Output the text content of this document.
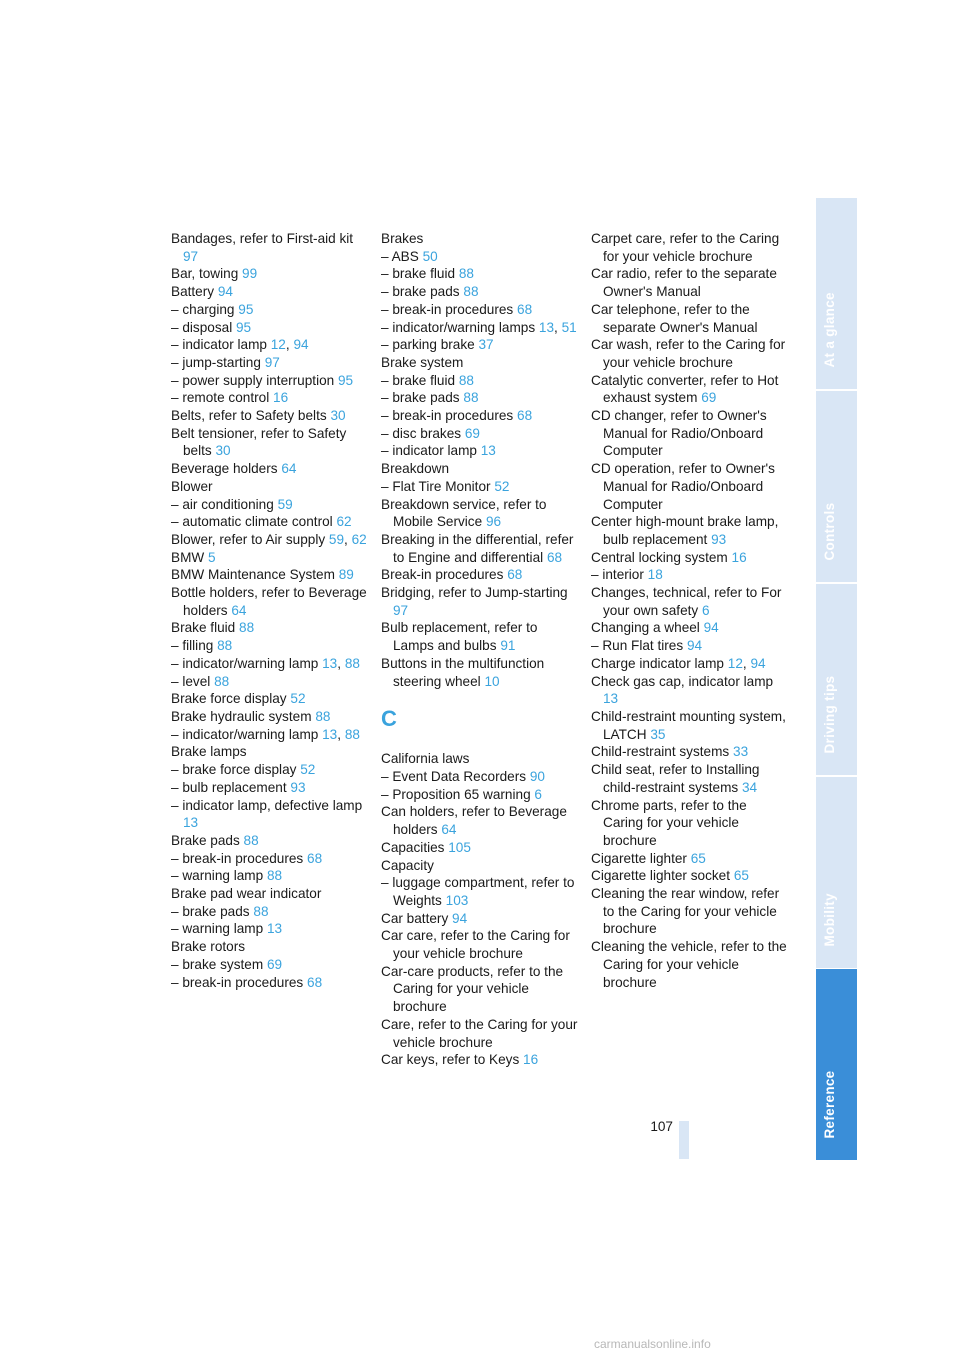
Bandages, refer to First-aid kit 97
Bar, towing 99
Battery 94
– charging 95
– disposal 95
– indicator lamp 12, 94
– jump-starting 97
– power supply interruption 95
– remote control 16
Belts, refer to Safety belts 30
Belt tensioner, refer to Safety belts 30
Beverage holders 64
Blower
– air conditioning 59
– automatic climate control 62
Blower, refer to Air supply 59, 62
BMW 5
BMW Maintenance System 89
Bottle holders, refer to Beverage holders 64
Brake fluid 88
– filling 88
– indicator/warning lamp 13, 88
– level 88
Brake force display 52
Brake hydraulic system 88
– indicator/warning lamp 13, 88
Brake lamps
– brake force display 52
– bulb replacement 93
– indicator lamp, defective lamp 13
Brake pads 88
– break-in procedures 68
– warning lamp 88
Brake pad wear indicator
– brake pads 88
– warning lamp 13
Brake rotors
– brake system 69
– break-in procedures 68
Brakes
– ABS 50
– brake fluid 88
– brake pads 88
– break-in procedures 68
– indicator/warning lamps 13, 51
– parking brake 37
Brake system
– brake fluid 88
– brake pads 88
– break-in procedures 68
– disc brakes 69
– indicator lamp 13
Breakdown
– Flat Tire Monitor 52
Breakdown service, refer to Mobile Service 96
Breaking in the differential, refer to Engine and differential 68
Break-in procedures 68
Bridging, refer to Jump-starting 97
Bulb replacement, refer to Lamps and bulbs 91
Buttons in the multifunction steering wheel 10
C
California laws
– Event Data Recorders 90
– Proposition 65 warning 6
Can holders, refer to Beverage holders 64
Capacities 105
Capacity
– luggage compartment, refer to Weights 103
Car battery 94
Car care, refer to the Caring for your vehicle brochure
Car-care products, refer to the Caring for your vehicle brochure
Care, refer to the Caring for your vehicle brochure
Car keys, refer to Keys 16
Carpet care, refer to the Caring for your vehicle brochure
Car radio, refer to the separate Owner's Manual
Car telephone, refer to the separate Owner's Manual
Car wash, refer to the Caring for your vehicle brochure
Catalytic converter, refer to Hot exhaust system 69
CD changer, refer to Owner's Manual for Radio/Onboard Computer
CD operation, refer to Owner's Manual for Radio/Onboard Computer
Center high-mount brake lamp, bulb replacement 93
Central locking system 16
– interior 18
Changes, technical, refer to For your own safety 6
Changing a wheel 94
– Run Flat tires 94
Charge indicator lamp 12, 94
Check gas cap, indicator lamp 13
Child-restraint mounting system, LATCH 35
Child-restraint systems 33
Child seat, refer to Installing child-restraint systems 34
Chrome parts, refer to the Caring for your vehicle brochure
Cigarette lighter 65
Cigarette lighter socket 65
Cleaning the rear window, refer to the Caring for your vehicle brochure
Cleaning the vehicle, refer to the Caring for your vehicle brochure
At a glance
Controls
Driving tips
Mobility
Reference
107
carmanualsonline.info
